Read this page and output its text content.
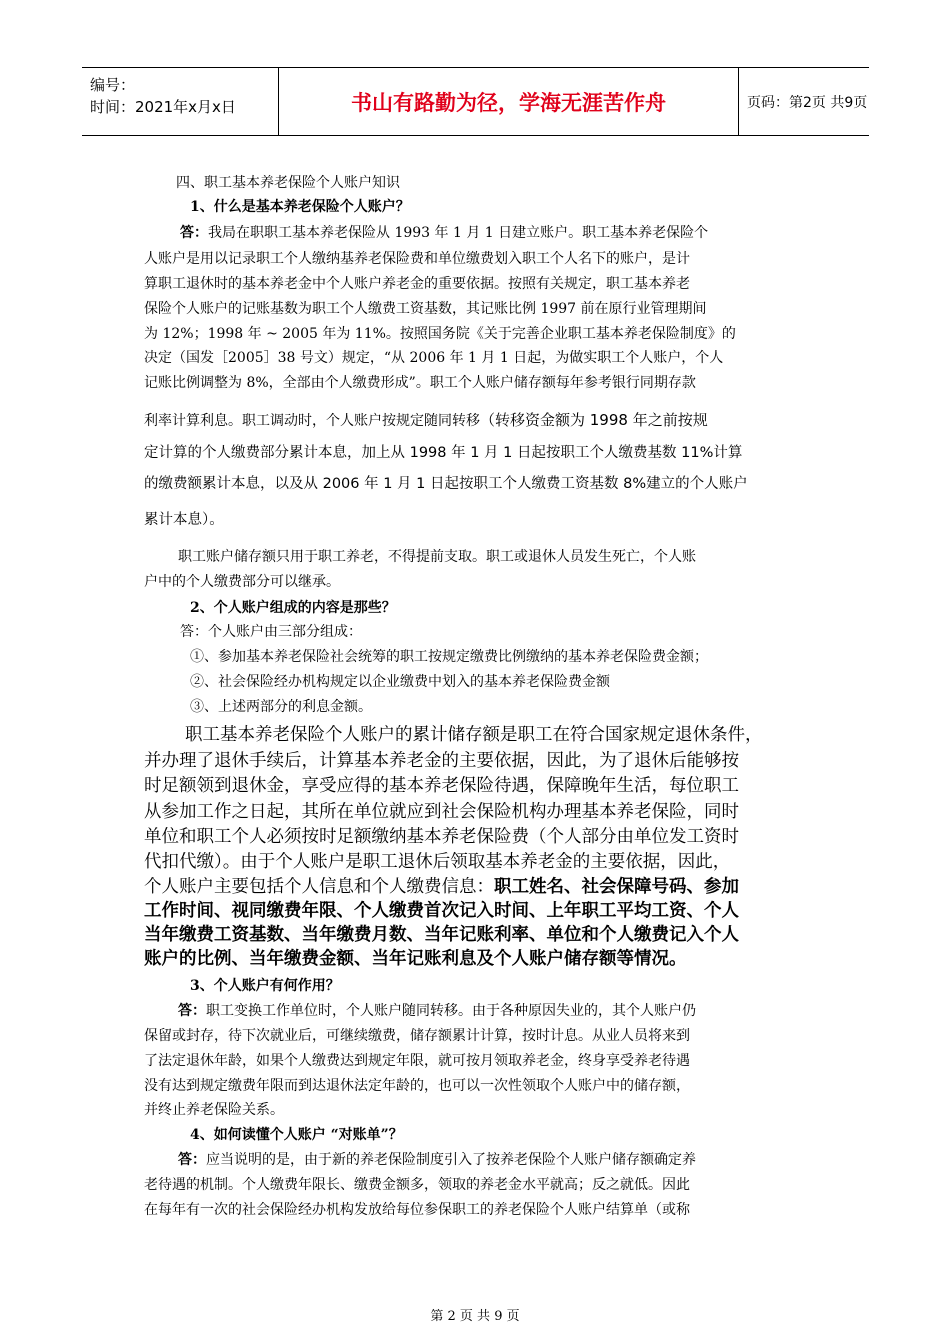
编号：
时间：2021年x月x日	书山有路勤为径，学海无涯苦作舟	页码：第2页 共9页
四、职工基本养老保险个人账户知识
1、什么是基本养老保险个人账户？
答：我局在职职工基本养老保险从 1993 年 1 月 1 日建立账户。职工基本养老保险个
人账户是用以记录职工个人缴纳基养老保险费和单位缴费划入职工个人名下的账户，是计
算职工退休时的基本养老金中个人账户养老金的重要依据。按照有关规定，职工基本养老
保险个人账户的记账基数为职工个人缴费工资基数，其记账比例 1997 前在原行业管理期间
为 12%；1998 年 ~ 2005 年为 11%。按照国务院《关于完善企业职工基本养老保险制度》的
决定（国发［2005］38 号文）规定，“从 2006 年 1 月 1 日起，为做实职工个人账户，个人
记账比例调整为 8%，全部由个人缴费形成”。职工个人账户储存额每年参考银行同期存款
利率计算利息。职工调动时，个人账户按规定随同转移（转移资金额为 1998 年之前按规
定计算的个人缴费部分累计本息，加上从 1998 年 1 月 1 日起按职工个人缴费基数 11%计算
的缴费额累计本息，以及从 2006 年 1 月 1 日起按职工个人缴费工资基数 8%建立的个人账户
累计本息）。
职工账户储存额只用于职工养老，不得提前支取。职工或退休人员发生死亡，个人账
户中的个人缴费部分可以继承。
2、个人账户组成的内容是那些？
答：个人账户由三部分组成：
①、参加基本养老保险社会统筹的职工按规定缴费比例缴纳的基本养老保险费金额；
②、社会保险经办机构规定以企业缴费中划入的基本养老保险费金额
③、上述两部分的利息金额。
职工基本养老保险个人账户的累计储存额是职工在符合国家规定退休条件，
并办理了退休手续后，计算基本养老金的主要依据，因此，为了退休后能够按
时足额领到退休金，享受应得的基本养老保险待遇，保障晚年生活，每位职工
从参加工作之日起，其所在单位就应到社会保险机构办理基本养老保险，同时
单位和职工个人必须按时足额缴纳基本养老保险费（个人部分由单位发工资时
代扣代缴）。由于个人账户是职工退休后领取基本养老金的主要依据，因此，
个人账户主要包括个人信息和个人缴费信息：职工姓名、社会保障号码、参加
工作时间、视同缴费年限、个人缴费首次记入时间、上年职工平均工资、个人
当年缴费工资基数、当年缴费月数、当年记账利率、单位和个人缴费记入个人
账户的比例、当年缴费金额、当年记账利息及个人账户储存额等情况。
3、个人账户有何作用？
答：职工变换工作单位时，个人账户随同转移。由于各种原因失业的，其个人账户仍
保留或封存，待下次就业后，可继续缴费，储存额累计计算，按时计息。从业人员将来到
了法定退休年龄，如果个人缴费达到规定年限，就可按月领取养老金，终身享受养老待遇
没有达到规定缴费年限而到达退休法定年龄的，也可以一次性领取个人账户中的储存额，
并终止养老保险关系。
4、如何读懂个人账户 “对账单”？
答：应当说明的是，由于新的养老保险制度引入了按养老保险个人账户储存额确定养
老待遇的机制。个人缴费年限长、缴费金额多，领取的养老金水平就高；反之就低。因此
在每年有一次的社会保险经办机构发放给每位参保职工的养老保险个人账户结算单（或称
第 2 页 共 9 页
